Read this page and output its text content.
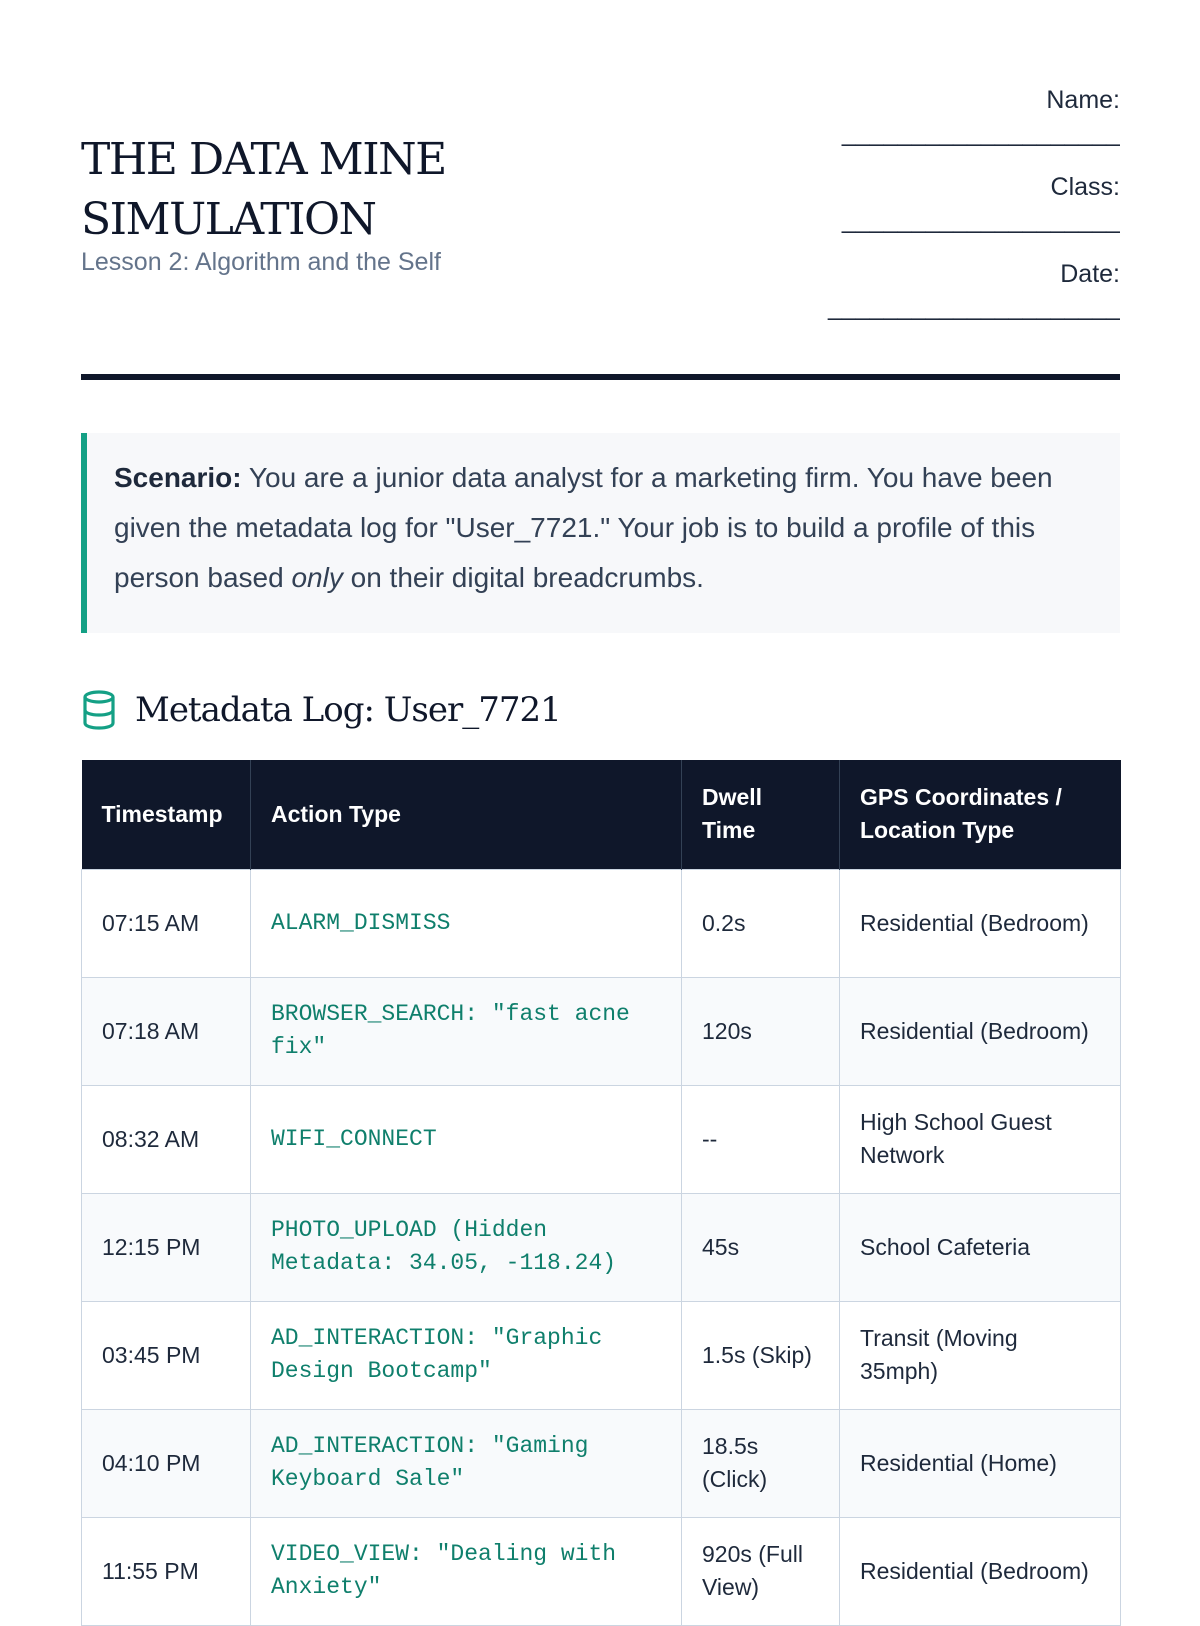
THE DATA MINE
SIMULATION
Lesson 2: Algorithm and the Self
Name:
____________________
Class:
____________________
Date:
_____________________
Scenario: You are a junior data analyst for a marketing firm. You have been given the metadata log for "User_7721." Your job is to build a profile of this person based only on their digital breadcrumbs.
Metadata Log: User_7721
Timestamp	Action Type	Dwell Time	GPS Coordinates / Location Type
07:15 AM	ALARM_DISMISS	0.2s	Residential (Bedroom)
07:18 AM	BROWSER_SEARCH: "fast acne fix"	120s	Residential (Bedroom)
08:32 AM	WIFI_CONNECT	--	High School Guest Network
12:15 PM	PHOTO_UPLOAD (Hidden Metadata: 34.05, -118.24)	45s	School Cafeteria
03:45 PM	AD_INTERACTION: "Graphic Design Bootcamp"	1.5s (Skip)	Transit (Moving 35mph)
04:10 PM	AD_INTERACTION: "Gaming Keyboard Sale"	18.5s (Click)	Residential (Home)
11:55 PM	VIDEO_VIEW: "Dealing with Anxiety"	920s (Full View)	Residential (Bedroom)
